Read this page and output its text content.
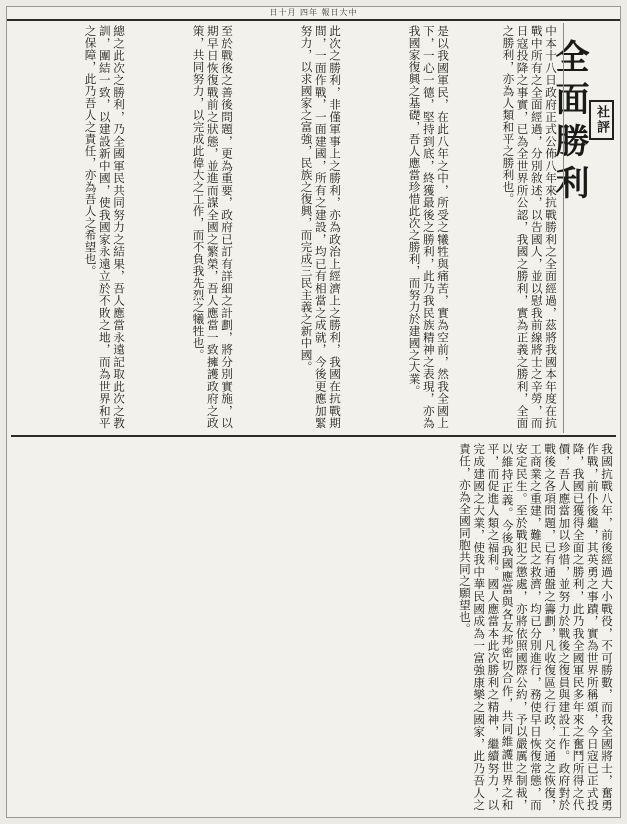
日十月 四年 報日大中
社評
全面勝利
中本十八日政府正式公佈八年來抗戰勝利之全面經過，茲將我國本年度在抗戰中所有之全面經過，分別敘述，以告國人，並以慰我前線將士之辛勞，而日寇投降之事實，已為全世界所公認，我國之勝利，實為正義之勝利，全面之勝利，亦為人類和平之勝利也。
是以我國軍民，在此八年之中，所受之犧牲與痛苦，實為空前，然我全國上下，一心一德，堅持到底，終獲最後之勝利，此乃我民族精神之表現，亦為我國家復興之基礎，吾人應當珍惜此次之勝利，而努力於建國之大業。
此次之勝利，非僅軍事上之勝利，亦為政治上經濟上之勝利，我國在抗戰期間，一面作戰，一面建國，所有之建設，均已有相當之成就，今後更應加緊努力，以求國家之富強，民族之復興，而完成三民主義之新中國。
至於戰後之善後問題，更為重要，政府已訂有詳細之計劃，將分別實施，以期早日恢復戰前之狀態，並進而謀全國之繁榮，吾人應當一致擁護政府之政策，共同努力，以完成此偉大之工作，而不負我先烈之犧牲也。
總之此次之勝利，乃全國軍民共同努力之結果，吾人應當永遠記取此次之教訓，團結一致，以建設新中國，使我國家永遠立於不敗之地，而為世界和平之保障，此乃吾人之責任，亦為吾人之希望也。
我國抗戰八年，前後經過大小戰役，不可勝數，而我全國將士，奮勇作戰，前仆後繼，其英勇之事蹟，實為世界所稱頌，今日寇已正式投降，我國已獲得全面之勝利，此乃我全國軍民多年來之奮鬥所得之代價，吾人應當加以珍惜，並努力於戰後之復員與建設工作。政府對於戰後之各項問題，已有通盤之籌劃，凡收復區之行政，交通之恢復，工商業之重建，難民之救濟，均已分別進行，務使早日恢復常態，而安定民生。至於戰犯之懲處，亦將依照國際公約，予以嚴厲之制裁，以維持正義。今後我國應當與各友邦密切合作，共同維護世界之和平，而促進人類之福利。國人應當本此次勝利之精神，繼續努力，以完成建國之大業，使我中華民國成為一富強康樂之國家，此乃吾人之責任，亦為全國同胞共同之願望也。
